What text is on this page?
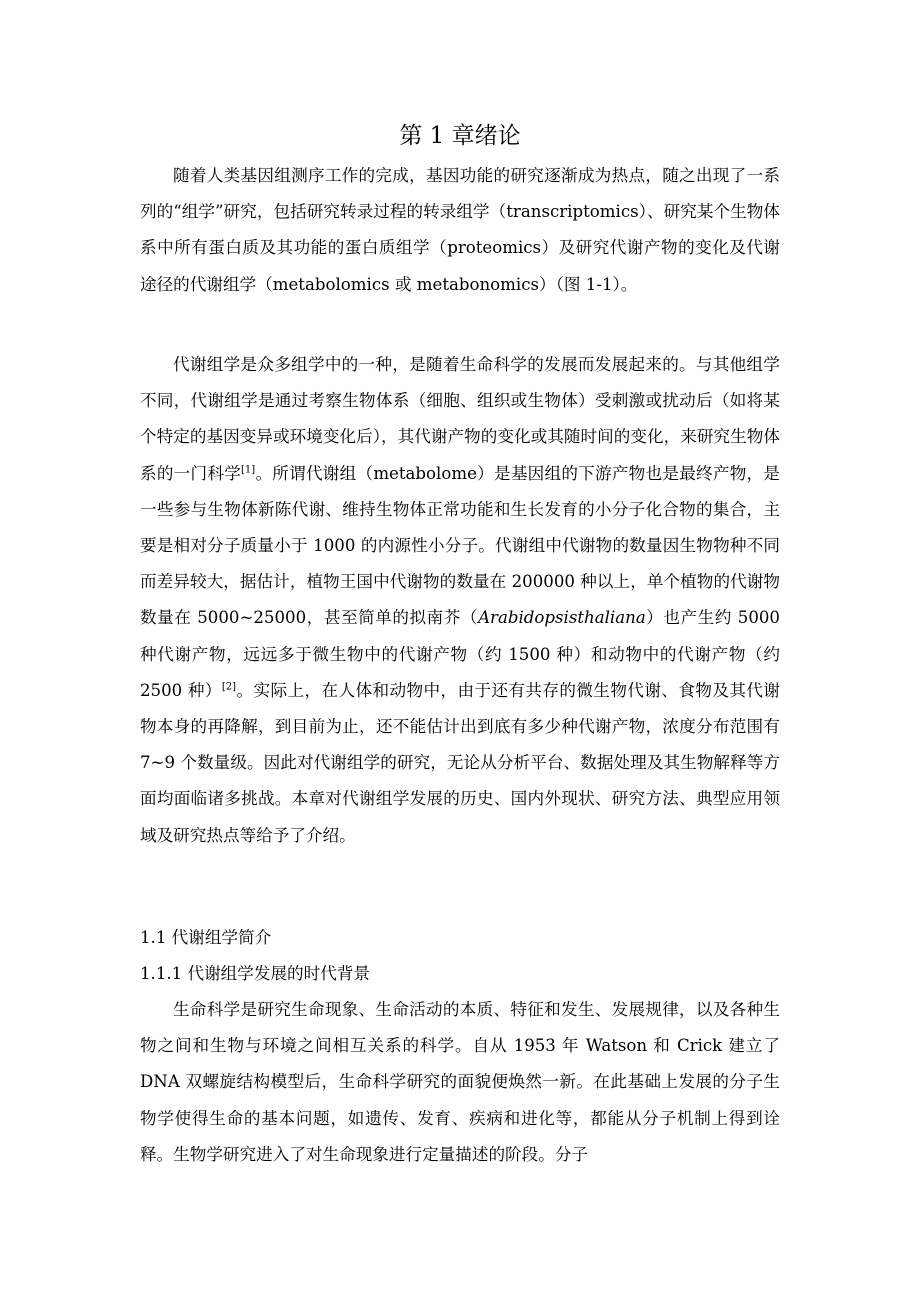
第 1 章绪论

随着人类基因组测序工作的完成，基因功能的研究逐渐成为热点，随之出现了一系列的“组学”研究，包括研究转录过程的转录组学（transcriptomics）、研究某个生物体系中所有蛋白质及其功能的蛋白质组学（proteomics）及研究代谢产物的变化及代谢途径的代谢组学（metabolomics 或 metabonomics）（图 1-1）。

代谢组学是众多组学中的一种，是随着生命科学的发展而发展起来的。与其他组学不同，代谢组学是通过考察生物体系（细胞、组织或生物体）受刺激或扰动后（如将某个特定的基因变异或环境变化后），其代谢产物的变化或其随时间的变化，来研究生物体系的一门科学[1]。所谓代谢组（metabolome）是基因组的下游产物也是最终产物，是一些参与生物体新陈代谢、维持生物体正常功能和生长发育的小分子化合物的集合，主要是相对分子质量小于 1000 的内源性小分子。代谢组中代谢物的数量因生物物种不同而差异较大，据估计，植物王国中代谢物的数量在 200000 种以上，单个植物的代谢物数量在 5000~25000，甚至简单的拟南芥（Arabidopsisthaliana）也产生约 5000 种代谢产物，远远多于微生物中的代谢产物（约 1500 种）和动物中的代谢产物（约 2500 种）[2]。实际上，在人体和动物中，由于还有共存的微生物代谢、食物及其代谢物本身的再降解，到目前为止，还不能估计出到底有多少种代谢产物，浓度分布范围有 7~9 个数量级。因此对代谢组学的研究，无论从分析平台、数据处理及其生物解释等方面均面临诸多挑战。本章对代谢组学发展的历史、国内外现状、研究方法、典型应用领域及研究热点等给予了介绍。

1.1 代谢组学简介
1.1.1 代谢组学发展的时代背景

生命科学是研究生命现象、生命活动的本质、特征和发生、发展规律，以及各种生物之间和生物与环境之间相互关系的科学。自从 1953 年 Watson 和 Crick 建立了 DNA 双螺旋结构模型后，生命科学研究的面貌便焕然一新。在此基础上发展的分子生物学使得生命的基本问题，如遗传、发育、疾病和进化等，都能从分子机制上得到诠释。生物学研究进入了对生命现象进行定量描述的阶段。分子
